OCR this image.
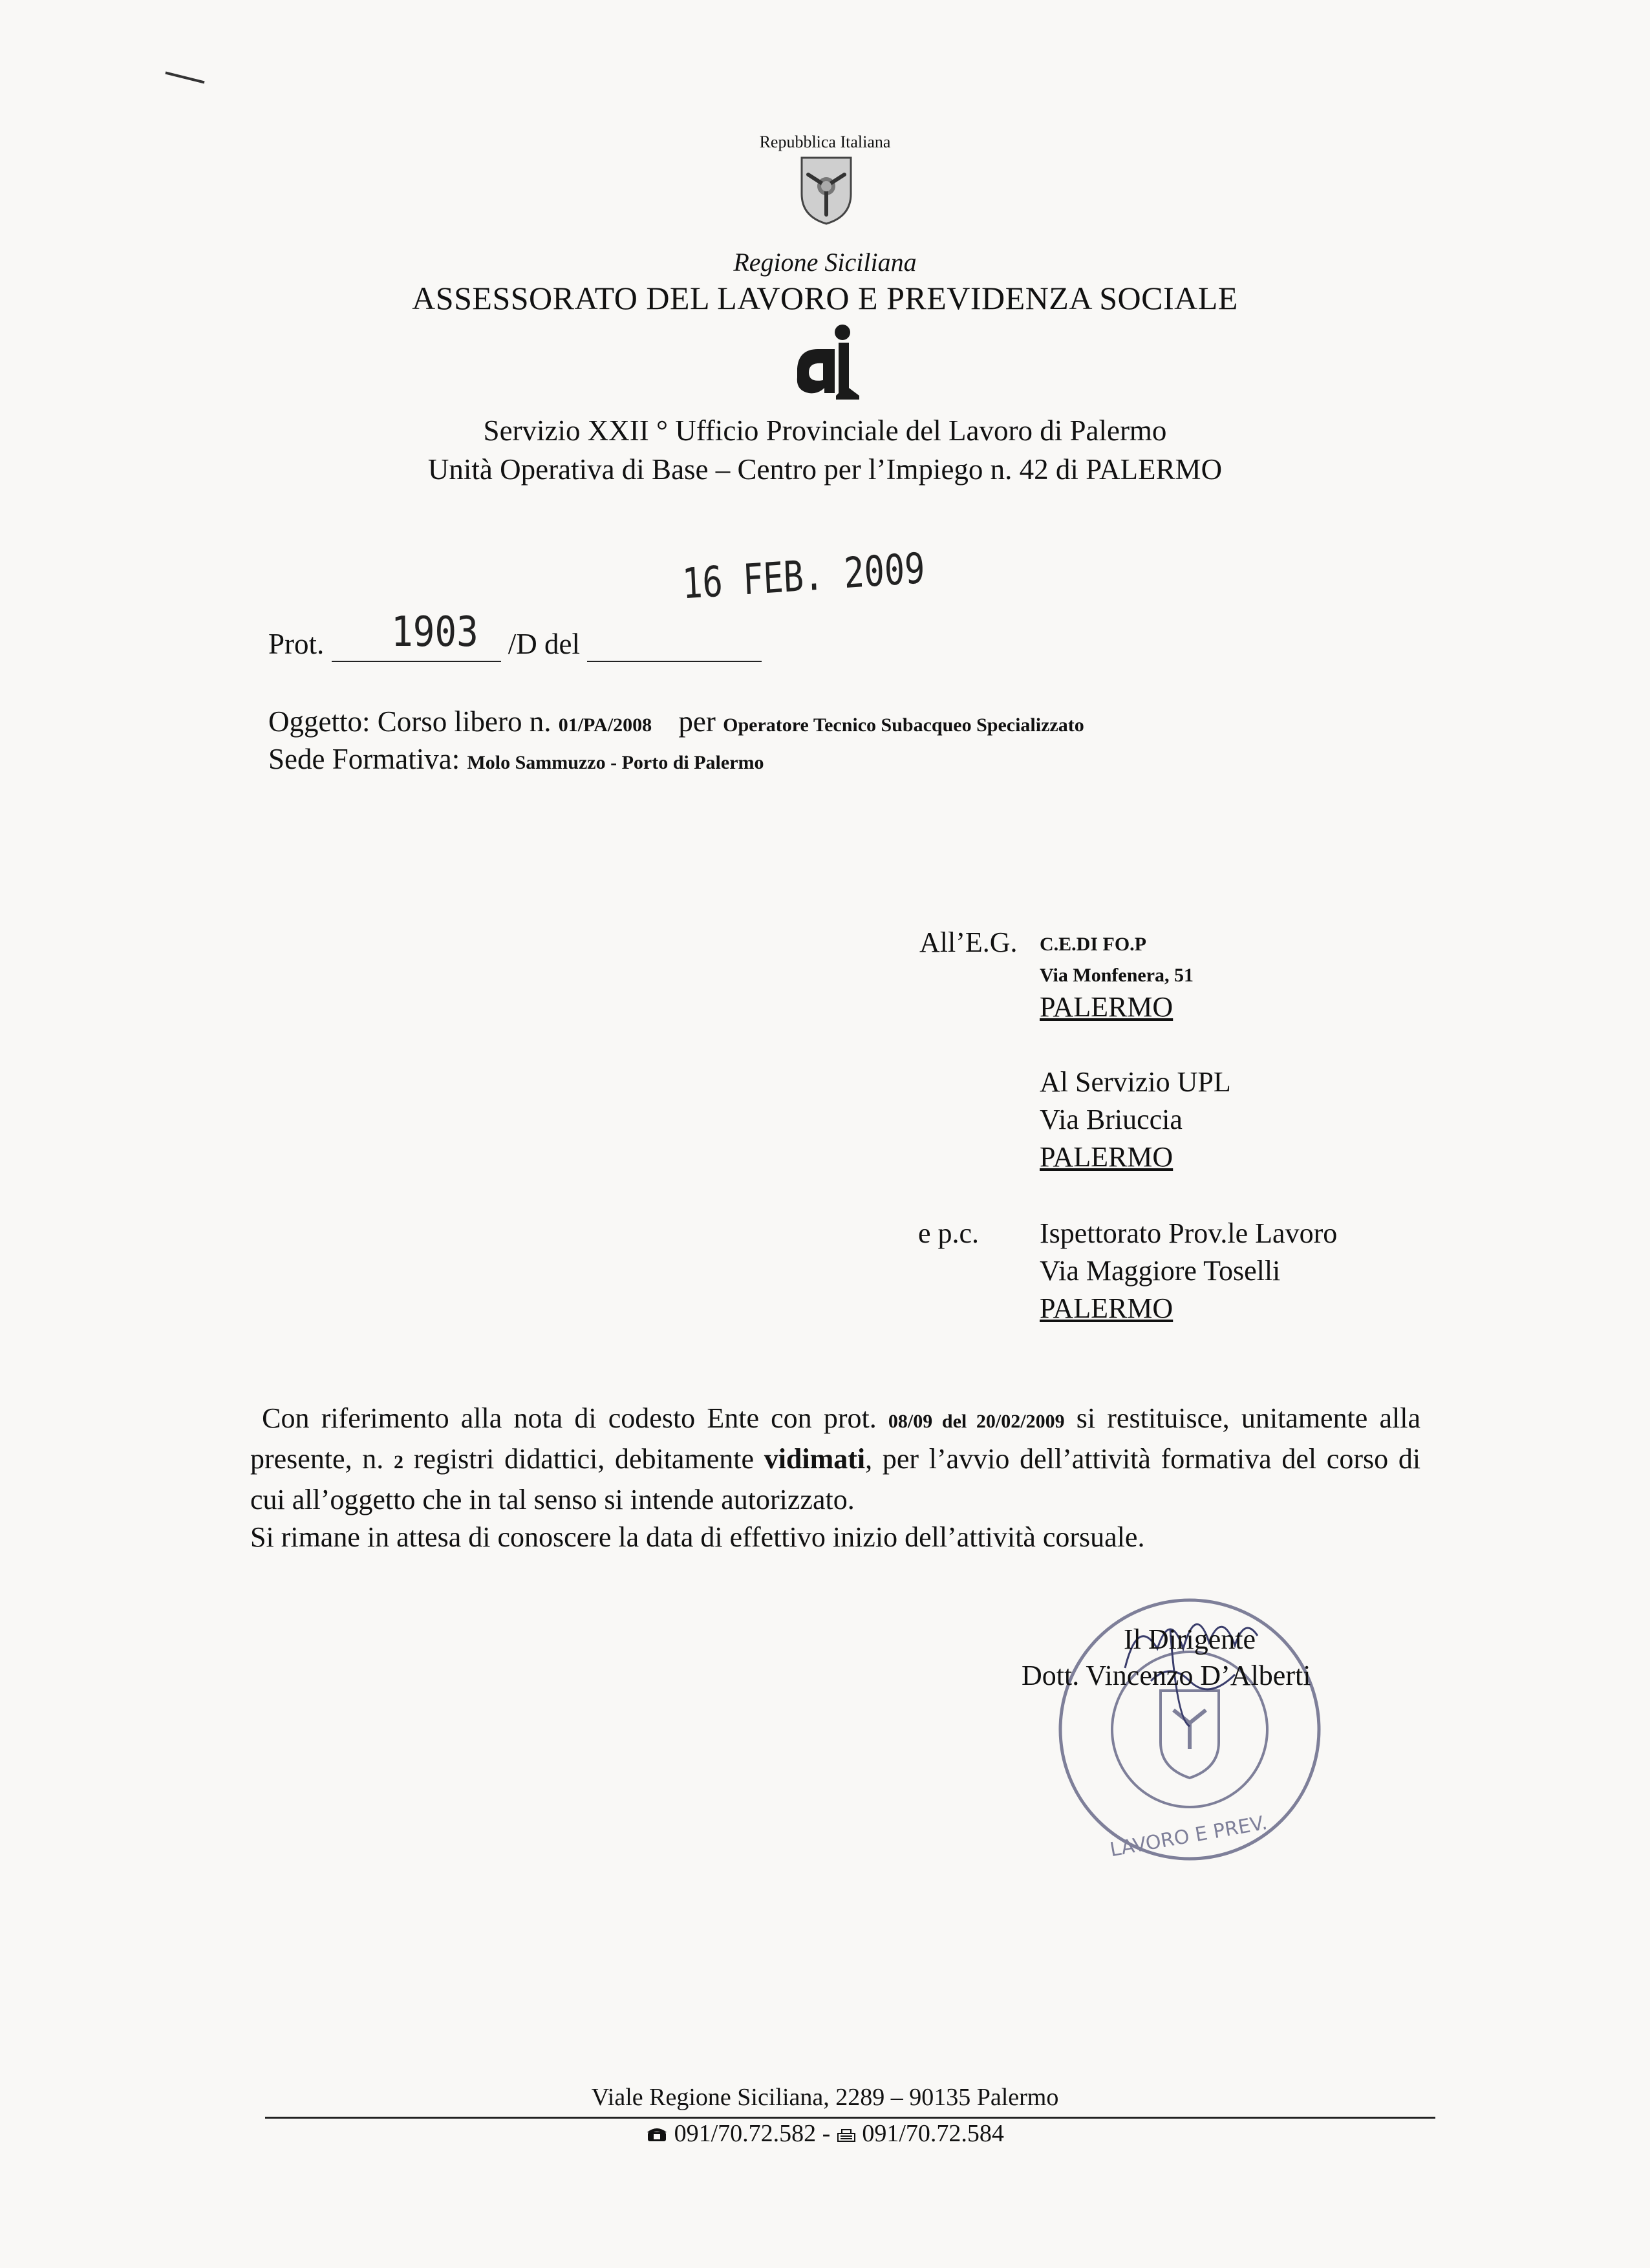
Repubblica Italiana
Regione Siciliana
ASSESSORATO DEL LAVORO E PREVIDENZA SOCIALE
Servizio XXII ° Ufficio Provinciale del Lavoro di Palermo
Unità Operativa di Base – Centro per l’Impiego n. 42 di PALERMO
16 FEB. 2009
1903
Prot.	/D del
Oggetto: Corso libero n. 01/PA/2008 per Operatore Tecnico Subacqueo Specializzato
Sede Formativa: Molo Sammuzzo - Porto di Palermo
All’E.G. C.E.DI FO.P
Via Monfenera, 51
PALERMO
Al Servizio UPL
Via Briuccia
PALERMO
e p.c. Ispettorato Prov.le Lavoro
Via Maggiore Toselli
PALERMO

Con riferimento alla nota di codesto Ente con prot. 08/09 del 20/02/2009 si restituisce, unitamente alla presente, n. 2 registri didattici, debitamente vidimati, per l’avvio dell’attività formativa del corso di cui all’oggetto che in tal senso si intende autorizzato.

Si rimane in attesa di conoscere la data di effettivo inizio dell’attività corsuale.

LAVORO E PREV.
Il Dirigente
Dott. Vincenzo D’Alberti
Viale Regione Siciliana, 2289 – 90135 Palermo
091/70.72.582 - 091/70.72.584
